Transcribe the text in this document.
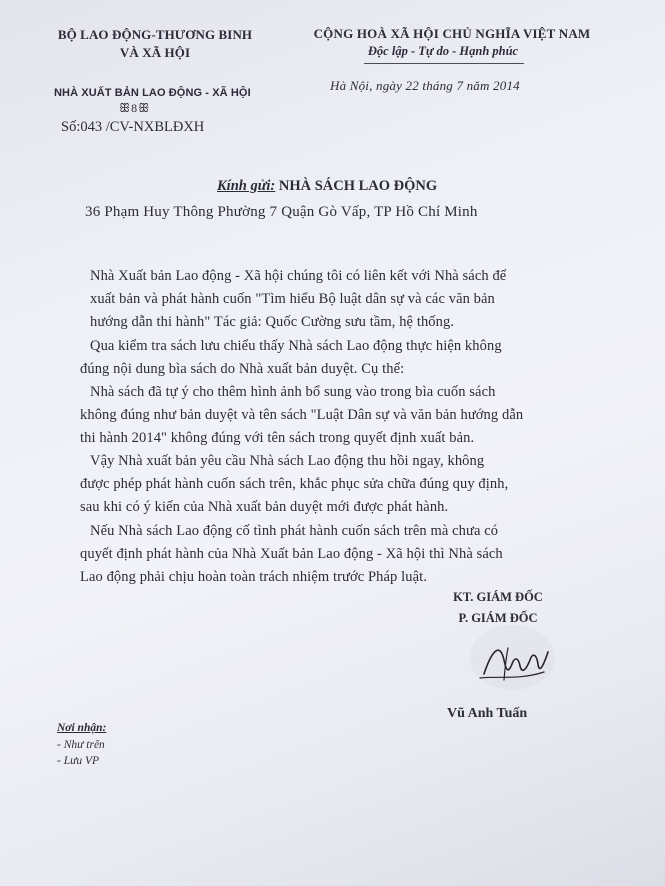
BỘ LAO ĐỘNG-THƯƠNG BINH
VÀ XÃ HỘI
CỘNG HOÀ XÃ HỘI CHỦ NGHĨA VIỆT NAM
Độc lập - Tự do - Hạnh phúc
Hà Nội, ngày 22 tháng 7 năm 2014
NHÀ XUẤT BẢN LAO ĐỘNG - XÃ HỘI
ꕥ8ꕥ
Số:043 /CV-NXBLĐXH
Kính gửi: NHÀ SÁCH LAO ĐỘNG
36 Phạm Huy Thông Phường 7 Quận Gò Vấp, TP Hồ Chí Minh
Nhà Xuất bản Lao động - Xã hội chúng tôi có liên kết với Nhà sách để
xuất bản và phát hành cuốn "Tìm hiểu Bộ luật dân sự và các văn bản
hướng dẫn thi hành" Tác giả: Quốc Cường sưu tầm, hệ thống.
Qua kiểm tra sách lưu chiểu thấy Nhà sách Lao động thực hiện không
đúng nội dung bìa sách do Nhà xuất bản duyệt. Cụ thể:
Nhà sách đã tự ý cho thêm hình ảnh bổ sung vào trong bìa cuốn sách
không đúng như bản duyệt và tên sách "Luật Dân sự và văn bản hướng dẫn
thi hành 2014" không đúng với tên sách trong quyết định xuất bản.
Vậy Nhà xuất bản yêu cầu Nhà sách Lao động thu hồi ngay, không
được phép phát hành cuốn sách trên, khắc phục sửa chữa đúng quy định,
sau khi có ý kiến của Nhà xuất bản duyệt mới được phát hành.
Nếu Nhà sách Lao động cố tình phát hành cuốn sách trên mà chưa có
quyết định phát hành của Nhà Xuất bản Lao động - Xã hội thì Nhà sách
Lao động phải chịu hoàn toàn trách nhiệm trước Pháp luật.
KT. GIÁM ĐỐC
P. GIÁM ĐỐC
Vũ Anh Tuấn
Nơi nhận:
- Như trên
- Lưu VP
